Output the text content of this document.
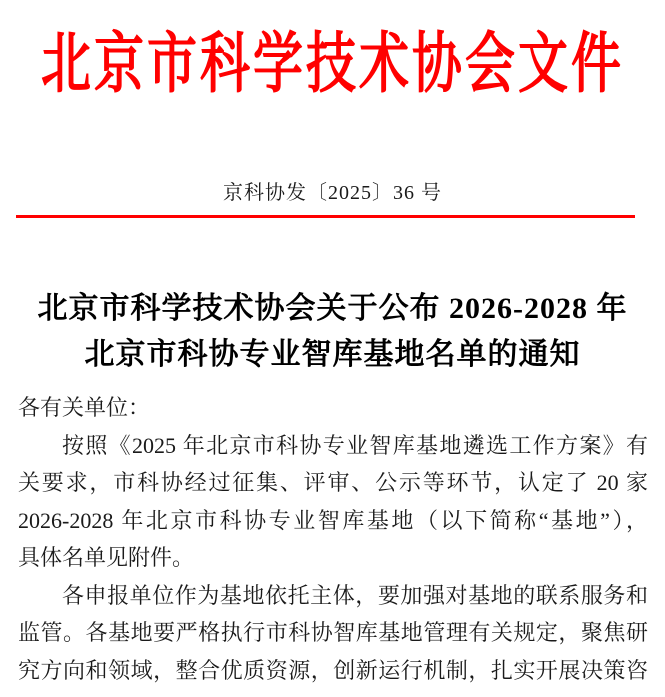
北京市科学技术协会文件
京科协发〔2025〕36 号
北京市科学技术协会关于公布 2026-2028 年
北京市科协专业智库基地名单的通知
各有关单位：
按照《2025 年北京市科协专业智库基地遴选工作方案》有
关要求，市科协经过征集、评审、公示等环节，认定了 20 家
2026-2028 年北京市科协专业智库基地（以下简称“基地”），
具体名单见附件。
各申报单位作为基地依托主体，要加强对基地的联系服务和
监管。各基地要严格执行市科协智库基地管理有关规定，聚焦研
究方向和领域，整合优质资源，创新运行机制，扎实开展决策咨
